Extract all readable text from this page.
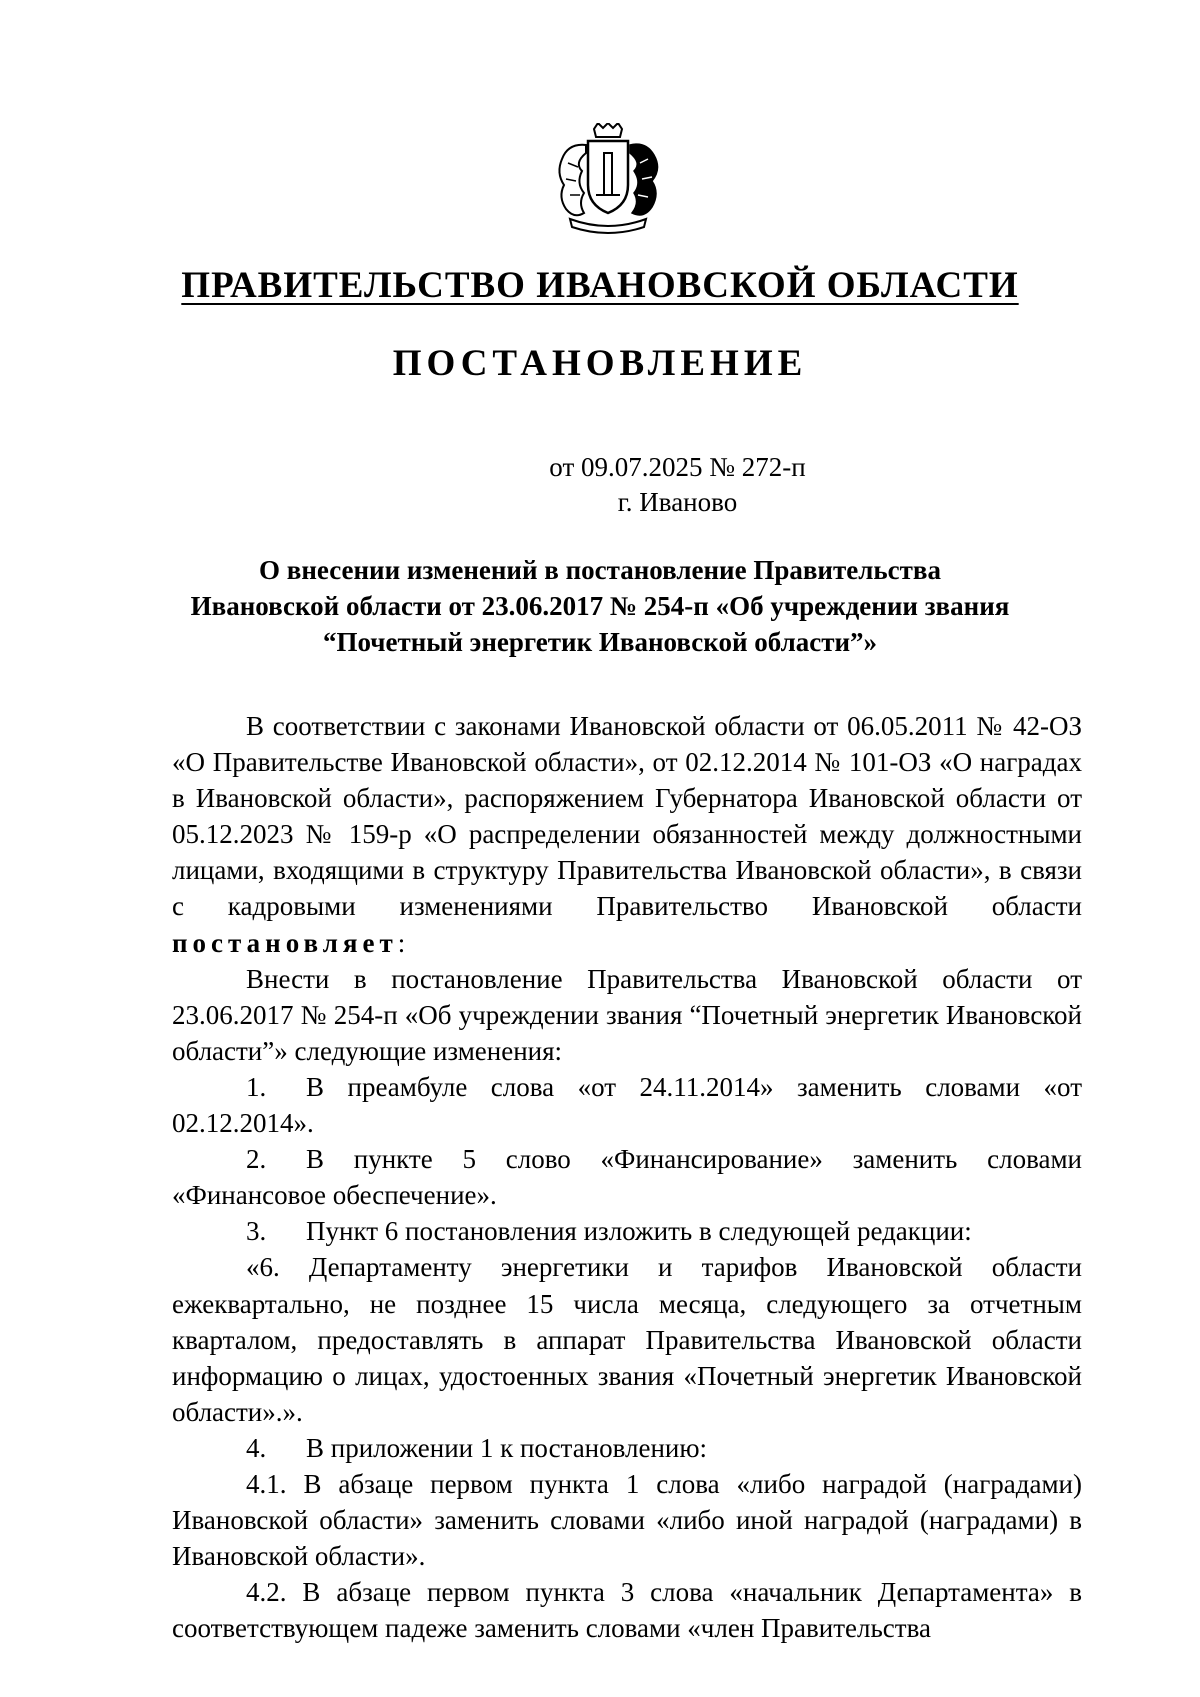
ПРАВИТЕЛЬСТВО ИВАНОВСКОЙ ОБЛАСТИ
ПОСТАНОВЛЕНИЕ
от 09.07.2025 № 272-п
г. Иваново
О внесении изменений в постановление Правительства
Ивановской области от 23.06.2017 № 254-п «Об учреждении звания
“Почетный энергетик Ивановской области”»

В соответствии с законами Ивановской области от 06.05.2011 № 42-ОЗ «О Правительстве Ивановской области», от 02.12.2014 № 101-ОЗ «О наградах в Ивановской области», распоряжением Губернатора Ивановской области от 05.12.2023 № 159-р «О распределении обязанностей между должностными лицами, входящими в структуру Правительства Ивановской области», в связи с кадровыми изменениями Правительство Ивановской области постановляет:

Внести в постановление Правительства Ивановской области от 23.06.2017 № 254-п «Об учреждении звания “Почетный энергетик Ивановской области”» следующие изменения:

1. В преамбуле слова «от 24.11.2014» заменить словами «от 02.12.2014».

2. В пункте 5 слово «Финансирование» заменить словами «Финансовое обеспечение».

3. Пункт 6 постановления изложить в следующей редакции:

«6. Департаменту энергетики и тарифов Ивановской области ежеквартально, не позднее 15 числа месяца, следующего за отчетным кварталом, предоставлять в аппарат Правительства Ивановской области информацию о лицах, удостоенных звания «Почетный энергетик Ивановской области».».

4. В приложении 1 к постановлению:

4.1. В абзаце первом пункта 1 слова «либо наградой (наградами) Ивановской области» заменить словами «либо иной наградой (наградами) в Ивановской области».

4.2. В абзаце первом пункта 3 слова «начальник Департамента» в соответствующем падеже заменить словами «член Правительства
